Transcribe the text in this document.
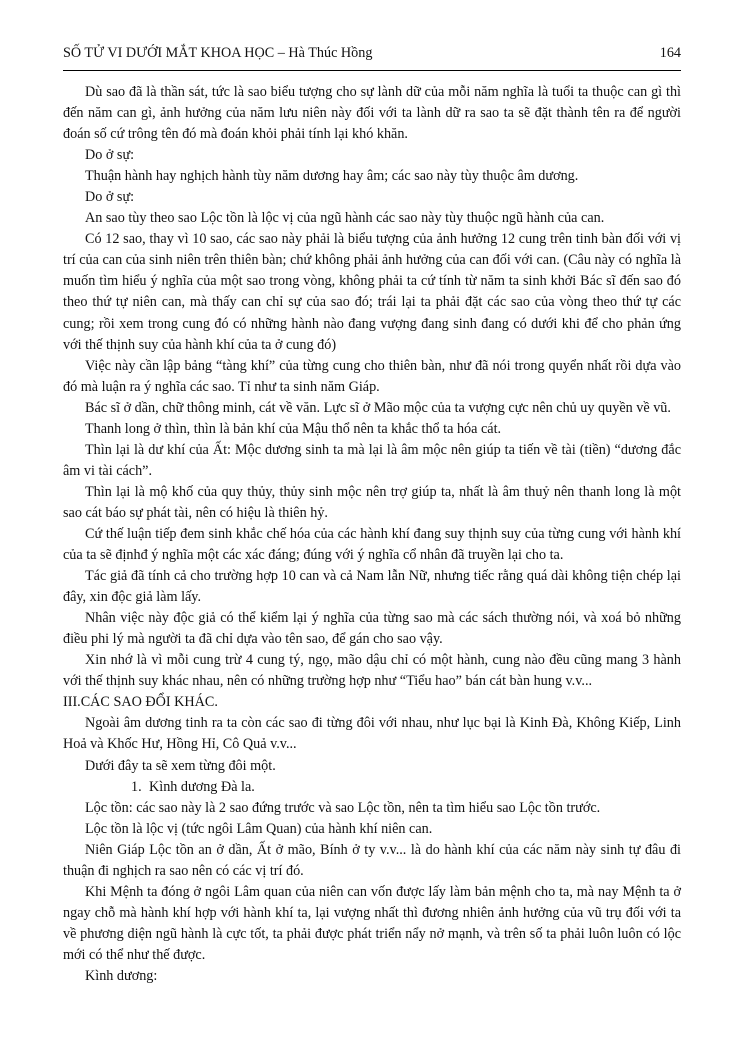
SỐ TỬ VI DƯỚI MẮT KHOA HỌC – Hà Thúc Hồng	164

Dù sao đã là thần sát, tức là sao biểu tượng cho sự lành dữ của mỗi năm nghĩa là tuổi ta thuộc can gì thì đến năm can gì, ảnh hưởng của năm lưu niên này đối với ta lành dữ ra sao ta sẽ đặt thành tên ra để người đoán số cứ trông tên đó mà đoán khỏi phải tính lại khó khăn.

Do ở sự:

Thuận hành hay nghịch hành tùy năm dương hay âm; các sao này tùy thuộc âm dương.

Do ở sự:

An sao tùy theo sao Lộc tồn là lộc vị của ngũ hành các sao này tùy thuộc ngũ hành của can.

Có 12 sao, thay vì 10 sao, các sao này phải là biểu tượng của ảnh hưởng 12 cung trên tinh bàn đối với vị trí của can của sinh niên trên thiên bàn; chứ không phải ảnh hưởng của can đối với can. (Câu này có nghĩa là muốn tìm hiểu ý nghĩa của một sao trong vòng, không phải ta cứ tính từ năm ta sinh khởi Bác sĩ đến sao đó theo thứ tự niên can, mà thấy can chỉ sự của sao đó; trái lại ta phải đặt các sao của vòng theo thứ tự các cung; rồi xem trong cung đó có những hành nào đang vượng đang sinh đang có dưới khi để cho phản ứng với thế thịnh suy của hành khí của ta ở cung đó)

Việc này cần lập bảng “tàng khí” của từng cung cho thiên bàn, như đã nói trong quyển nhất rồi dựa vào đó mà luận ra ý nghĩa các sao. Tỉ như ta sinh năm Giáp.

Bác sĩ ở dần, chữ thông minh, cát về văn. Lực sĩ ở Mão mộc của ta vượng cực nên chủ uy quyền về vũ.

Thanh long ở thìn, thìn là bản khí của Mậu thổ nên ta khắc thổ ta hóa cát.

Thìn lại là dư khí của Ất: Mộc dương sinh ta mà lại là âm mộc nên giúp ta tiến về tài (tiền) “dương đắc âm vi tài cách”.

Thìn lại là mộ khố của quy thủy, thủy sinh mộc nên trợ giúp ta, nhất là âm thuỷ nên thanh long là một sao cát báo sự phát tài, nên có hiệu là thiên hỷ.

Cứ thế luận tiếp đem sinh khắc chế hóa của các hành khí đang suy thịnh suy của từng cung với hành khí của ta sẽ địnhđ ý nghĩa một các xác đáng; đúng với ý nghĩa cổ nhân đã truyền lại cho ta.

Tác giả đã tính cả cho trường hợp 10 can và cả Nam lẫn Nữ, nhưng tiếc rằng quá dài không tiện chép lại đây, xin độc giả làm lấy.

Nhân việc này độc giả có thể kiểm lại ý nghĩa của từng sao mà các sách thường nói, và xoá bỏ những điều phi lý mà người ta đã chỉ dựa vào tên sao, để gán cho sao vậy.

Xin nhớ là vì mỗi cung trừ 4 cung tý, ngọ, mão dậu chỉ có một hành, cung nào đều cũng mang 3 hành với thế thịnh suy khác nhau, nên có những trường hợp như “Tiểu hao” bán cát bàn hung v.v...

III.CÁC SAO ĐỔI KHÁC.

Ngoài âm dương tinh ra ta còn các sao đi từng đôi với nhau, như lục bại là Kinh Đà, Không Kiếp, Linh Hoả và Khốc Hư, Hồng Hỉ, Cô Quả v.v...

Dưới đây ta sẽ xem từng đôi một.

1. Kình dương Đà la.

Lộc tồn: các sao này là 2 sao đứng trước và sao Lộc tồn, nên ta tìm hiểu sao Lộc tồn trước.

Lộc tồn là lộc vị (tức ngôi Lâm Quan) của hành khí niên can.

Niên Giáp Lộc tồn an ở dần, Ất ở mão, Bính ở ty v.v... là do hành khí của các năm này sinh tự đâu đi thuận đi nghịch ra sao nên có các vị trí đó.

Khi Mệnh ta đóng ở ngôi Lâm quan của niên can vốn được lấy làm bản mệnh cho ta, mà nay Mệnh ta ở ngay chỗ mà hành khí hợp với hành khí ta, lại vượng nhất thì đương nhiên ảnh hưởng của vũ trụ đối với ta về phương diện ngũ hành là cực tốt, ta phải được phát triển nẩy nở mạnh, và trên số ta phải luôn luôn có lộc mới có thể như thế được.

Kình dương:
